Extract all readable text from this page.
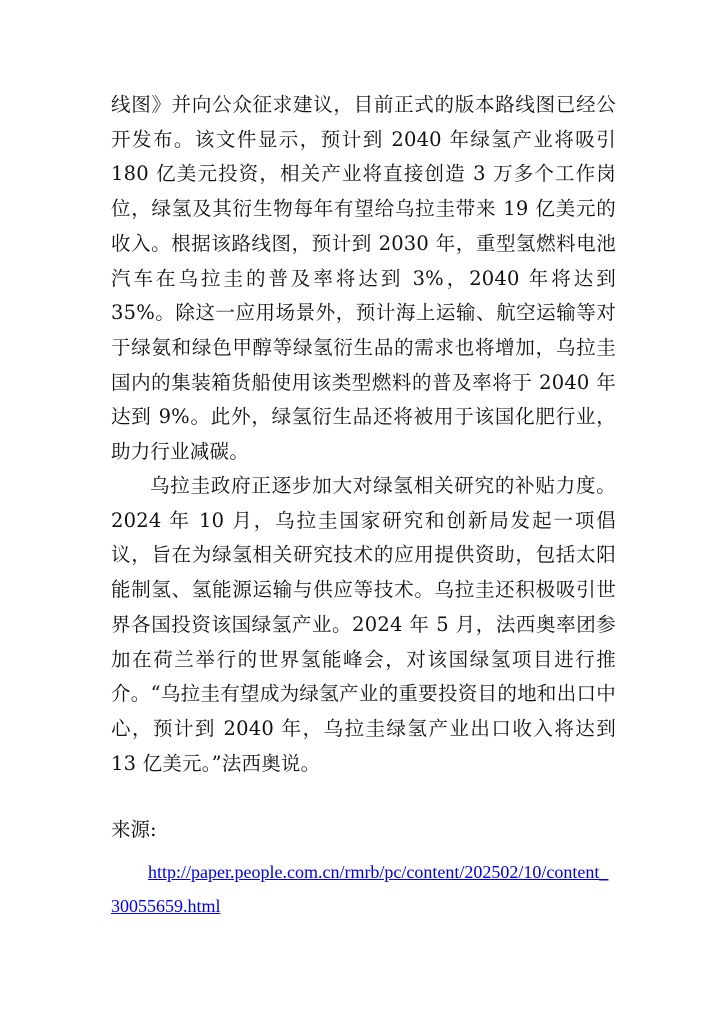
线图》并向公众征求建议，目前正式的版本路线图已经公开发布。该文件显示，预计到 2040 年绿氢产业将吸引 180 亿美元投资，相关产业将直接创造 3 万多个工作岗位，绿氢及其衍生物每年有望给乌拉圭带来 19 亿美元的收入。根据该路线图，预计到 2030 年，重型氢燃料电池汽车在乌拉圭的普及率将达到 3%，2040 年将达到 35%。除这一应用场景外，预计海上运输、航空运输等对于绿氨和绿色甲醇等绿氢衍生品的需求也将增加，乌拉圭国内的集装箱货船使用该类型燃料的普及率将于 2040 年达到 9%。此外，绿氢衍生品还将被用于该国化肥行业，助力行业减碳。

乌拉圭政府正逐步加大对绿氢相关研究的补贴力度。2024 年 10 月，乌拉圭国家研究和创新局发起一项倡议，旨在为绿氢相关研究技术的应用提供资助，包括太阳能制氢、氢能源运输与供应等技术。乌拉圭还积极吸引世界各国投资该国绿氢产业。2024 年 5 月，法西奥率团参加在荷兰举行的世界氢能峰会，对该国绿氢项目进行推介。“乌拉圭有望成为绿氢产业的重要投资目的地和出口中心，预计到 2040 年，乌拉圭绿氢产业出口收入将达到 13 亿美元。”法西奥说。

来源:

http://paper.people.com.cn/rmrb/pc/content/202502/10/content_30055659.html
